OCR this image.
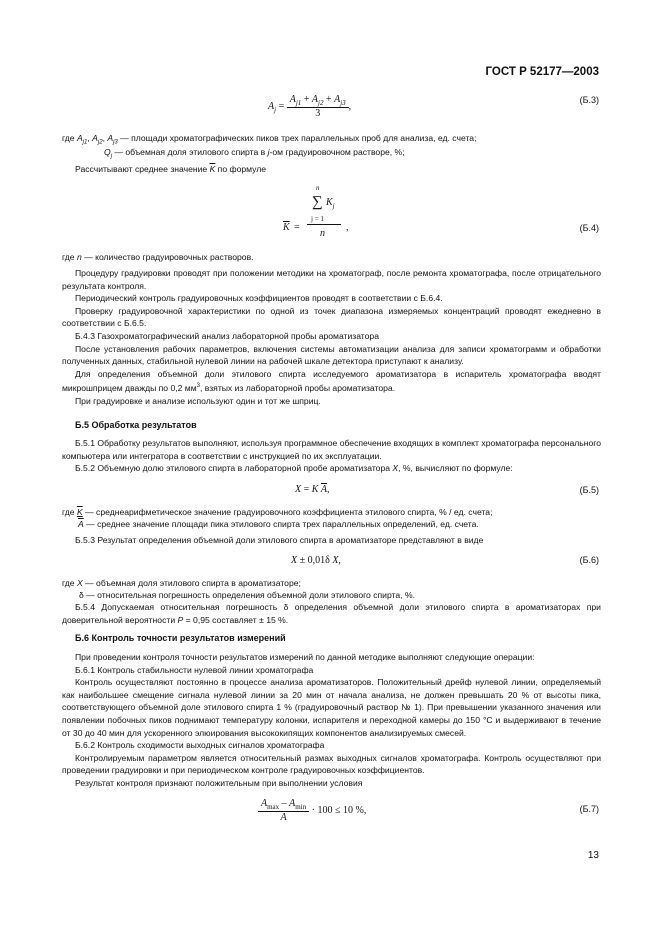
ГОСТ Р 52177—2003
$A_j = \frac{A_{j1} + A_{j2} + A_{j3}}{3}$ ,
(Б.3)

где $A_{j1}$, $A_{j2}$, $A_{j3}$ — площади хроматографических пиков трех параллельных проб для анализа, ед. счета;

$Q_j$ — объемная доля этилового спирта в j-ом градуировочном растворе, %;

Рассчитывают среднее значение $\overline{K}$ по формуле

n
∑ $K_j$
j = 1
$\overline{K}$ =
n
,	(Б.4)

где n — количество градуировочных растворов.

Процедуру градуировки проводят при положении методики на хроматограф, после ремонта хроматографа, после отрицательного результата контроля.

Периодический контроль градуировочных коэффициентов проводят в соответствии с Б.6.4.

Проверку градуировочной характеристики по одной из точек диапазона измеряемых концентраций проводят ежедневно в соответствии с Б.6.5.

Б.4.3 Газохроматографический анализ лабораторной пробы ароматизатора

После установления рабочих параметров, включения системы автоматизации анализа для записи хроматограмм и обработки полученных данных, стабильной нулевой линии на рабочей шкале детектора приступают к анализу.

Для определения объемной доли этилового спирта исследуемого ароматизатора в испаритель хроматографа вводят микрошприцем дважды по 0,2 $мм^3$, взятых из лабораторной пробы ароматизатора.

При градуировке и анализе используют один и тот же шприц.

Б.5 Обработка результатов

Б.5.1 Обработку результатов выполняют, используя программное обеспечение входящих в комплект хроматографа персонального компьютера или интегратора в соответствии с инструкцией по их эксплуатации.

Б.5.2 Объемную долю этилового спирта в лабораторной пробе ароматизатора X, %, вычисляют по формуле:

X = K $\overline{A}$,	(Б.5)

где K — среднеарифметическое значение градуировочного коэффициента этилового спирта, % / ед. счета;

$\overline{A}$ — среднее значение площади пика этилового спирта трех параллельных определений, ед. счета.

Б.5.3 Результат определения объемной доли этилового спирта в ароматизаторе представляют в виде

X ± 0,01δ X,	(Б.6)

где X — объемная доля этилового спирта в ароматизаторе;

δ — относительная погрешность определения объемной доли этилового спирта, %.

Б.5.4 Допускаемая относительная погрешность δ определения объемной доли этилового спирта в ароматизаторах при доверительной вероятности P = 0,95 составляет ± 15 %.

Б.6 Контроль точности результатов измерений

При проведении контроля точности результатов измерений по данной методике выполняют следующие операции:

Б.6.1 Контроль стабильности нулевой линии хроматографа

Контроль осуществляют постоянно в процессе анализа ароматизаторов. Положительный дрейф нулевой линии, определяемый как наибольшее смещение сигнала нулевой линии за 20 мин от начала анализа, не должен превышать 20 % от высоты пика, соответствующего объемной доле этилового спирта 1 % (градуировочный раствор № 1). При превышении указанного значения или появлении побочных пиков поднимают температуру колонки, испарителя и переходной камеры до 150 °С и выдерживают в течение от 30 до 40 мин для ускоренного элюирования высококипящих компонентов анализируемых смесей.

Б.6.2 Контроль сходимости выходных сигналов хроматографа

Контролируемым параметром является относительный размах выходных сигналов хроматографа. Контроль осуществляют при проведении градуировки и при периодическом контроле градуировочных коэффициентов.

Результат контроля признают положительным при выполнении условия

$\frac{A_{max} - A_{min}}{A} \cdot 100 \le 10$ %,	(Б.7)
13
